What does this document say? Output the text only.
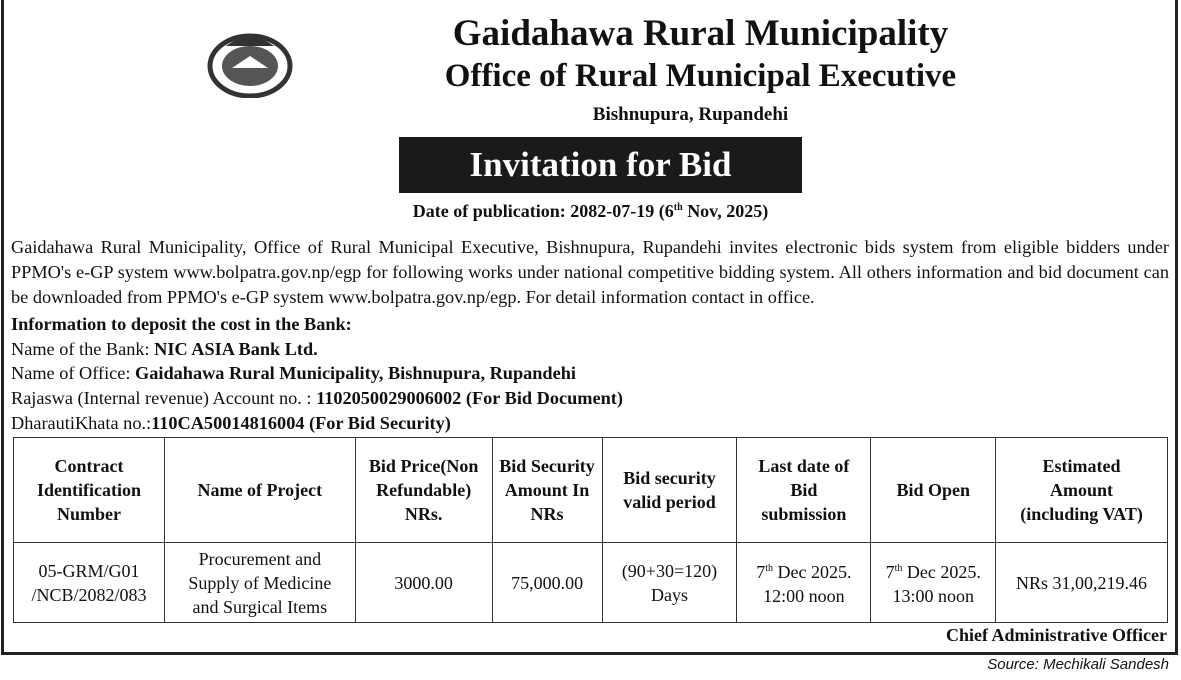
Gaidahawa Rural Municipality
Office of Rural Municipal Executive
Bishnupura, Rupandehi
Invitation for Bid
Date of publication: 2082-07-19 (6th Nov, 2025)
Gaidahawa Rural Municipality, Office of Rural Municipal Executive, Bishnupura, Rupandehi invites electronic bids system from eligible bidders under PPMO's e-GP system www.bolpatra.gov.np/egp for following works under national competitive bidding system. All others information and bid document can be downloaded from PPMO's e-GP system www.bolpatra.gov.np/egp. For detail information contact in office.
Information to deposit the cost in the Bank:
Name of the Bank: NIC ASIA Bank Ltd.
Name of Office: Gaidahawa Rural Municipality, Bishnupura, Rupandehi
Rajaswa (Internal revenue) Account no. : 1102050029006002 (For Bid Document)
DharautiKhata no.:110CA50014816004 (For Bid Security)
Contract Identification Number	Name of Project	Bid Price(Non Refundable) NRs.	Bid Security Amount In NRs	Bid security valid period	Last date of Bid submission	Bid Open	Estimated Amount (including VAT)
05-GRM/G01 /NCB/2082/083	Procurement and Supply of Medicine and Surgical Items	3000.00	75,000.00	(90+30=120) Days	7th Dec 2025. 12:00 noon	7th Dec 2025. 13:00 noon	NRs 31,00,219.46
Chief Administrative Officer
Source: Mechikali Sandesh
